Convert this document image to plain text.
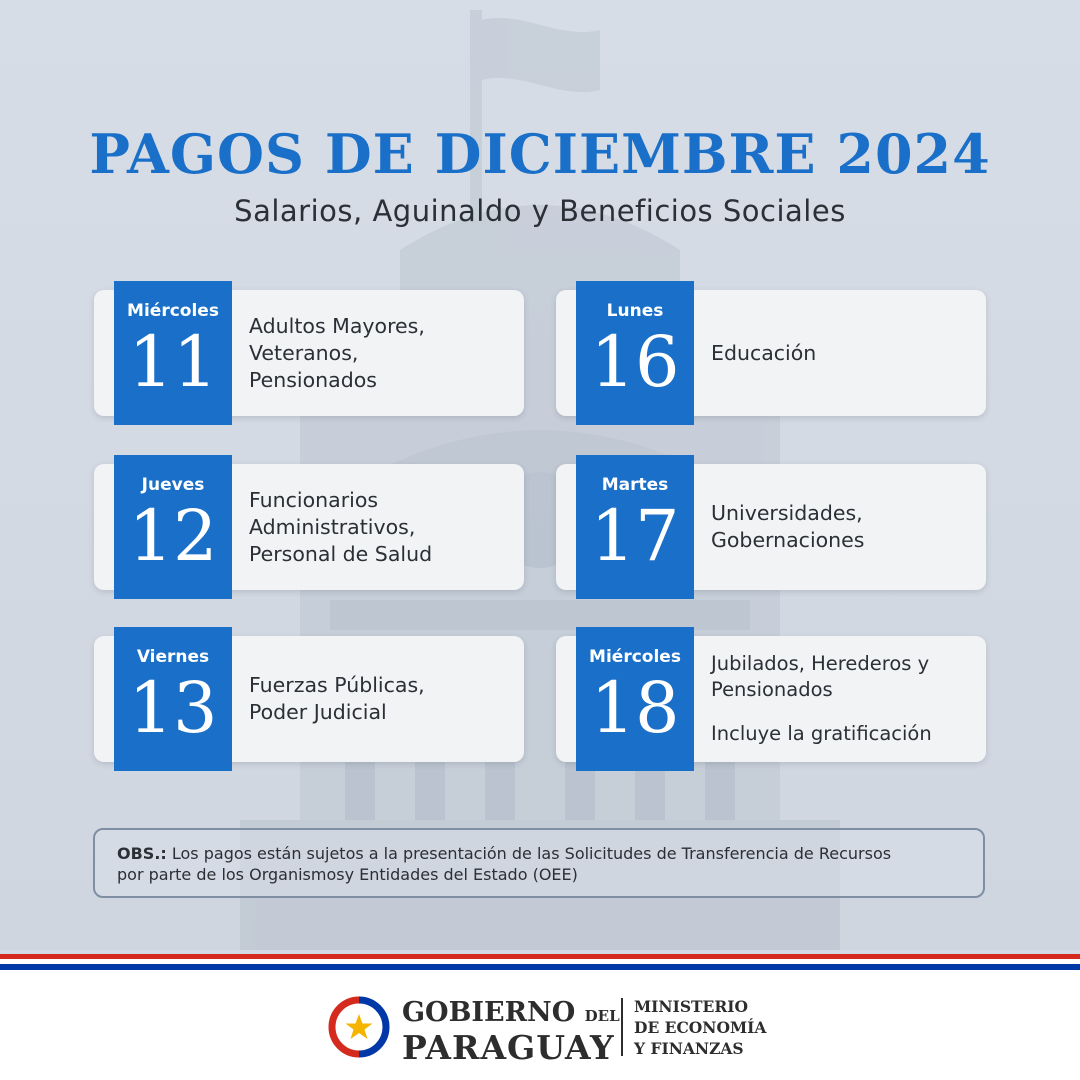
PAGOS DE DICIEMBRE 2024
Salarios, Aguinaldo y Beneficios Sociales
Miércoles
11	Adultos Mayores,
Veteranos,
Pensionados
Lunes
16	Educación
Jueves
12	Funcionarios
Administrativos,
Personal de Salud
Martes
17	Universidades,
Gobernaciones
Viernes
13	Fuerzas Públicas,
Poder Judicial
Miércoles
18
Jubilados, Herederos y
Pensionados
Incluye la gratificación
OBS.: Los pagos están sujetos a la presentación de las Solicitudes de Transferencia de Recursos
por parte de los Organismosy Entidades del Estado (OEE)
GOBIERNO DEL
PARAGUAY
MINISTERIO
DE ECONOMÍA
Y FINANZAS
